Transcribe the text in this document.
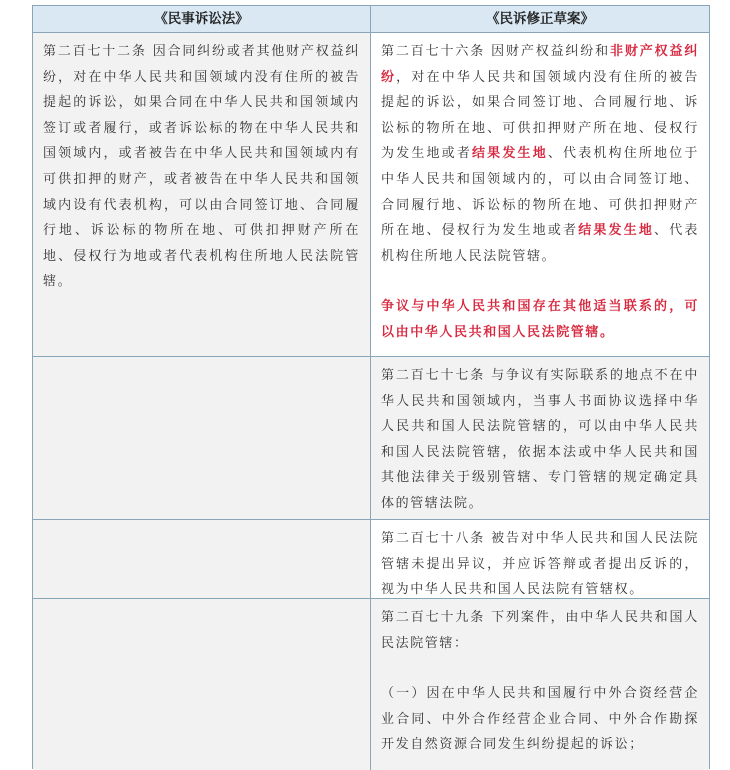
《民事诉讼法》	《民诉修正草案》

第二百七十二条 因合同纠纷或者其他财产权益纠纷，对在中华人民共和国领域内没有住所的被告提起的诉讼，如果合同在中华人民共和国领域内签订或者履行，或者诉讼标的物在中华人民共和国领域内，或者被告在中华人民共和国领域内有可供扣押的财产，或者被告在中华人民共和国领域内设有代表机构，可以由合同签订地、合同履行地、诉讼标的物所在地、可供扣押财产所在地、侵权行为地或者代表机构住所地人民法院管辖。

第二百七十六条 因财产权益纠纷和非财产权益纠纷，对在中华人民共和国领域内没有住所的被告提起的诉讼，如果合同签订地、合同履行地、诉讼标的物所在地、可供扣押财产所在地、侵权行为发生地或者结果发生地、代表机构住所地位于中华人民共和国领域内的，可以由合同签订地、合同履行地、诉讼标的物所在地、可供扣押财产所在地、侵权行为发生地或者结果发生地、代表机构住所地人民法院管辖。

争议与中华人民共和国存在其他适当联系的，可以由中华人民共和国人民法院管辖。

第二百七十七条 与争议有实际联系的地点不在中华人民共和国领域内，当事人书面协议选择中华人民共和国人民法院管辖的，可以由中华人民共和国人民法院管辖，依据本法或中华人民共和国其他法律关于级别管辖、专门管辖的规定确定具体的管辖法院。

第二百七十八条 被告对中华人民共和国人民法院管辖未提出异议，并应诉答辩或者提出反诉的，视为中华人民共和国人民法院有管辖权。

第二百七十九条 下列案件，由中华人民共和国人民法院管辖：

（一）因在中华人民共和国履行中外合资经营企业合同、中外合作经营企业合同、中外合作勘探开发自然资源合同发生纠纷提起的诉讼；
